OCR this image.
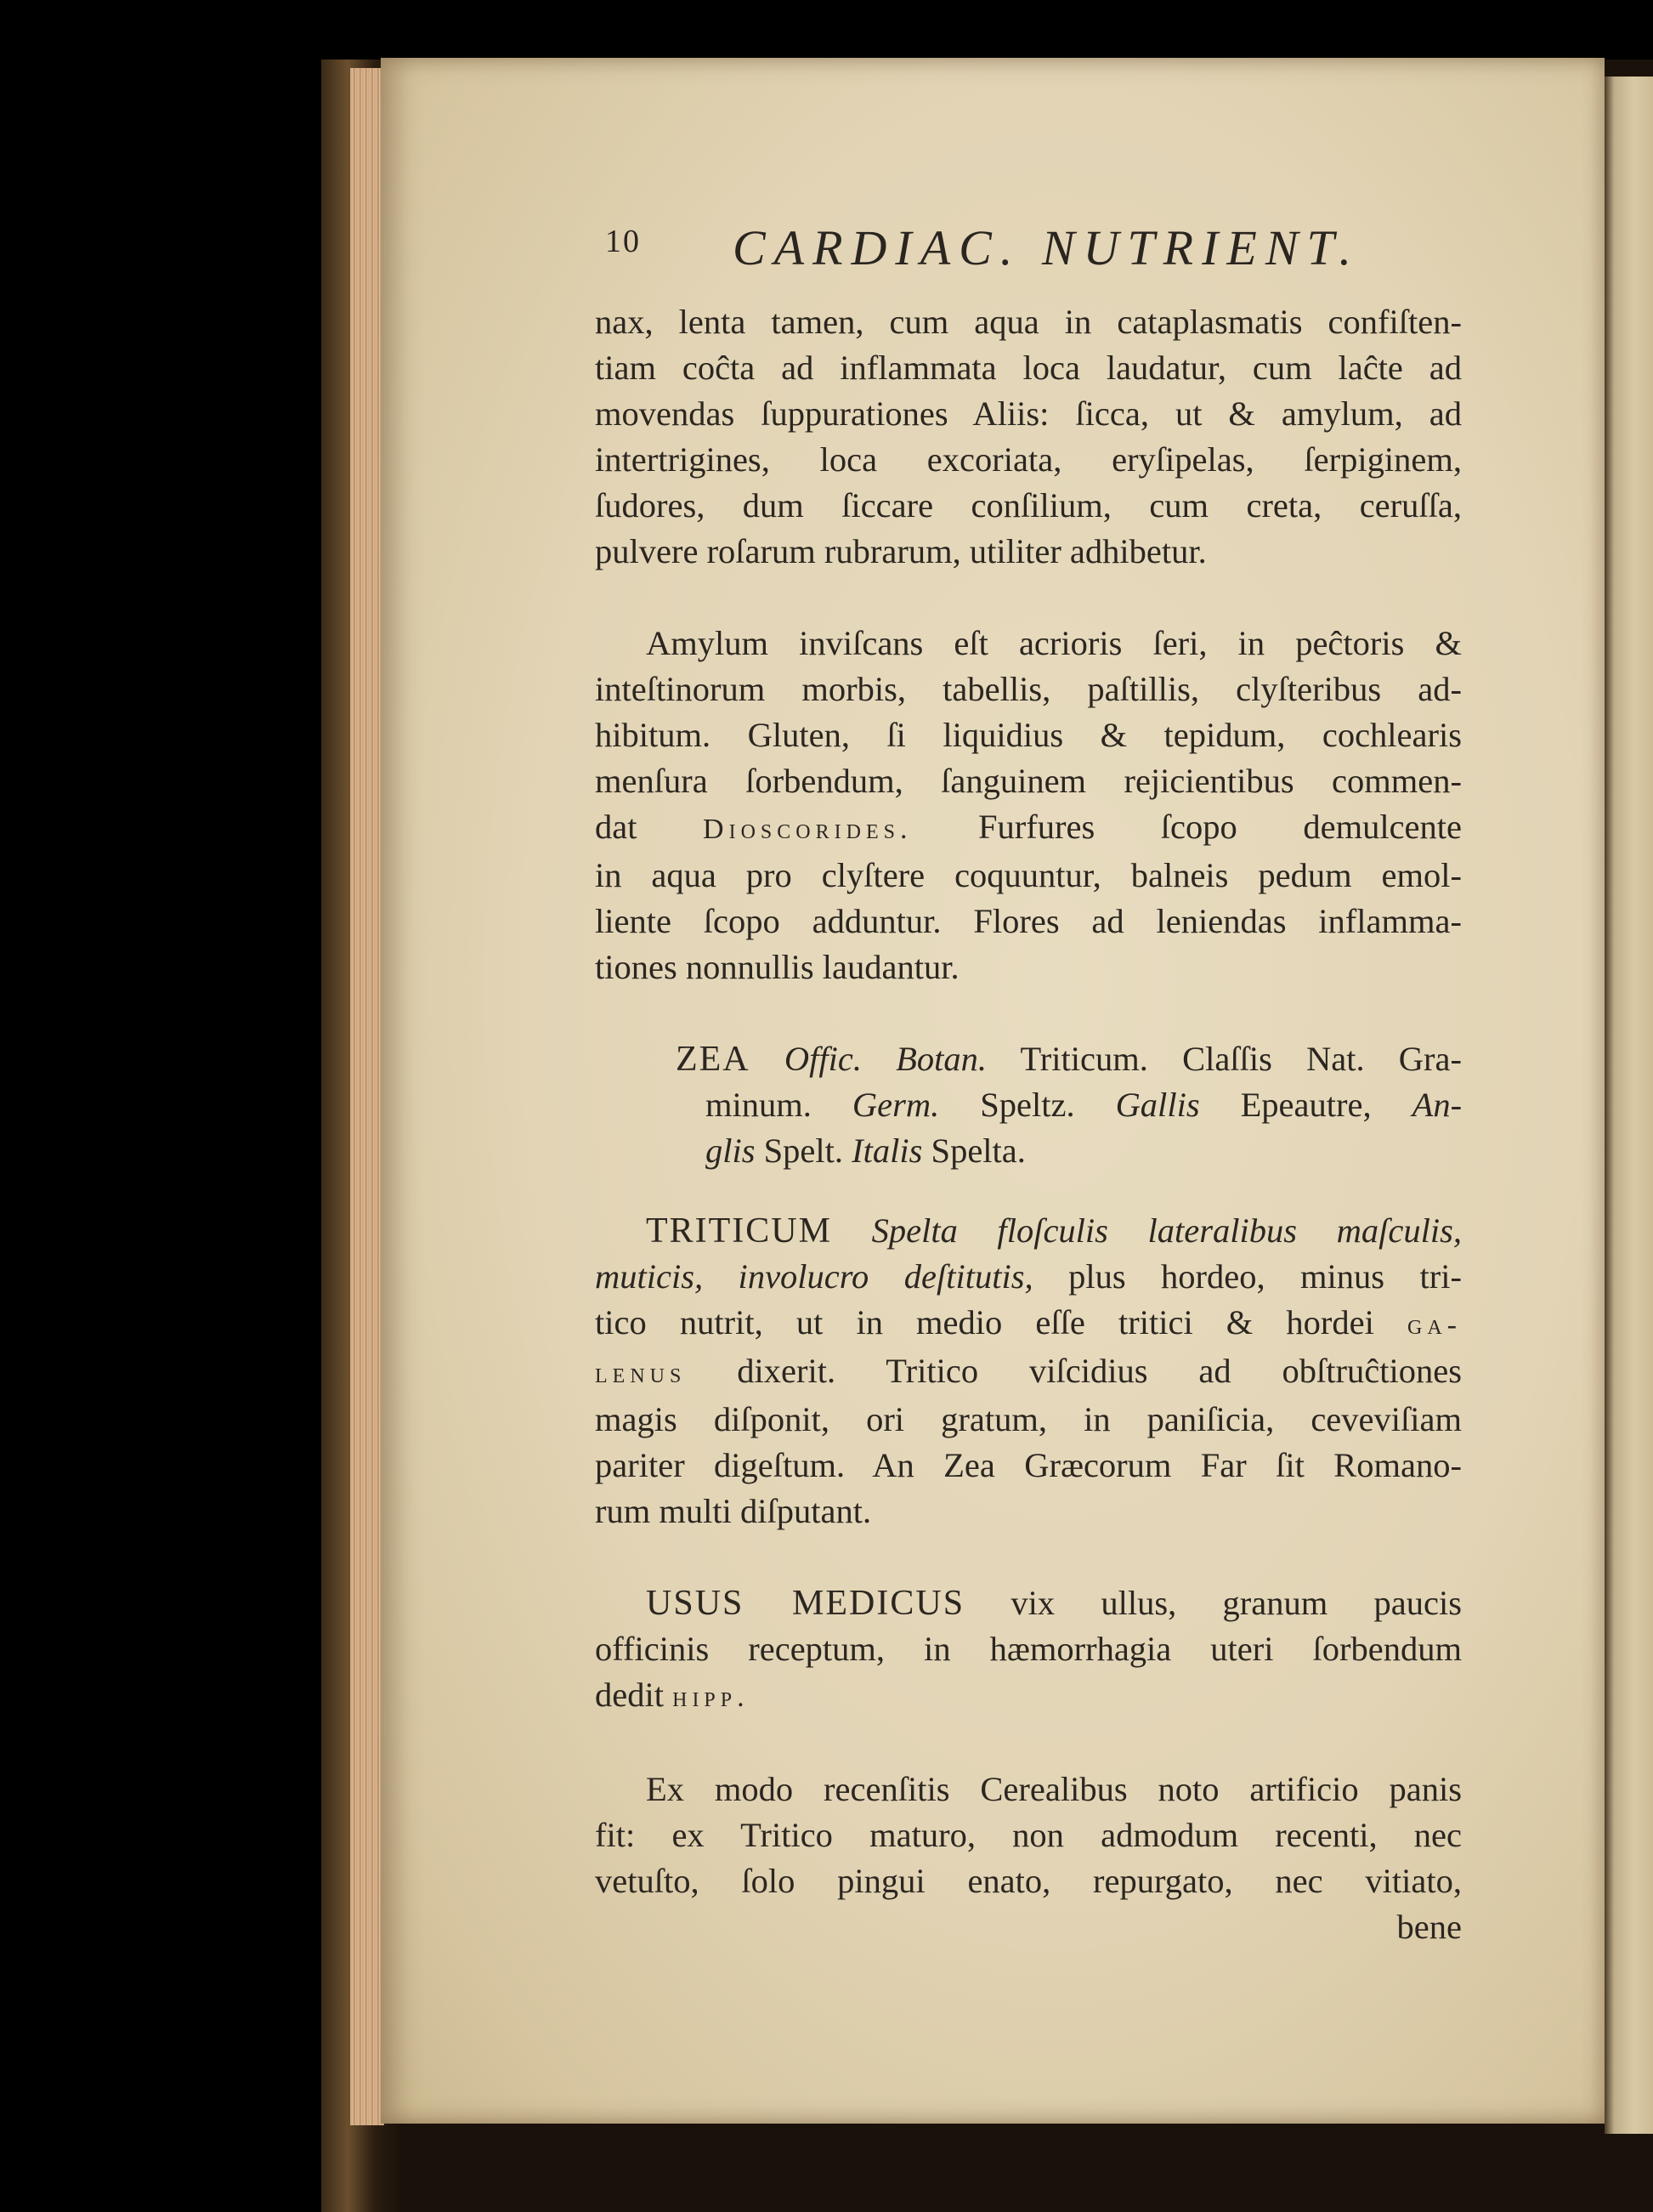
10 CARDIAC. NUTRIENT.
nax, lenta tamen, cum aqua in cataplasmatis confiſten-
tiam coĉta ad inflammata loca laudatur, cum laĉte ad
movendas ſuppurationes Aliis: ſicca, ut & amylum, ad
intertrigines, loca excoriata, eryſipelas, ſerpiginem,
ſudores, dum ſiccare conſilium, cum creta, ceruſſa,
pulvere roſarum rubrarum, utiliter adhibetur.
Amylum inviſcans eſt acrioris ſeri, in peĉtoris &
inteſtinorum morbis, tabellis, paſtillis, clyſteribus ad-
hibitum. Gluten, ſi liquidius & tepidum, cochlearis
menſura ſorbendum, ſanguinem rejicientibus commen-
dat Dioscorides. Furfures ſcopo demulcente
in aqua pro clyſtere coquuntur, balneis pedum emol-
liente ſcopo adduntur. Flores ad leniendas inflamma-
tiones nonnullis laudantur.
ZEA Offic. Botan. Triticum. Claſſis Nat. Gra-
minum. Germ. Speltz. Gallis Epeautre, An-
glis Spelt. Italis Spelta.
TRITICUM Spelta floſculis lateralibus maſculis,
muticis, involucro deſtitutis, plus hordeo, minus tri-
tico nutrit, ut in medio eſſe tritici & hordei ga-
lenus dixerit. Tritico viſcidius ad obſtruĉtiones
magis diſponit, ori gratum, in paniſicia, ceveviſiam
pariter digeſtum. An Zea Græcorum Far ſit Romano-
rum multi diſputant.
USUS MEDICUS vix ullus, granum paucis
officinis receptum, in hæmorrhagia uteri ſorbendum
dedit hipp.
Ex modo recenſitis Cerealibus noto artificio panis
fit: ex Tritico maturo, non admodum recenti, nec
vetuſto, ſolo pingui enato, repurgato, nec vitiato,
bene
